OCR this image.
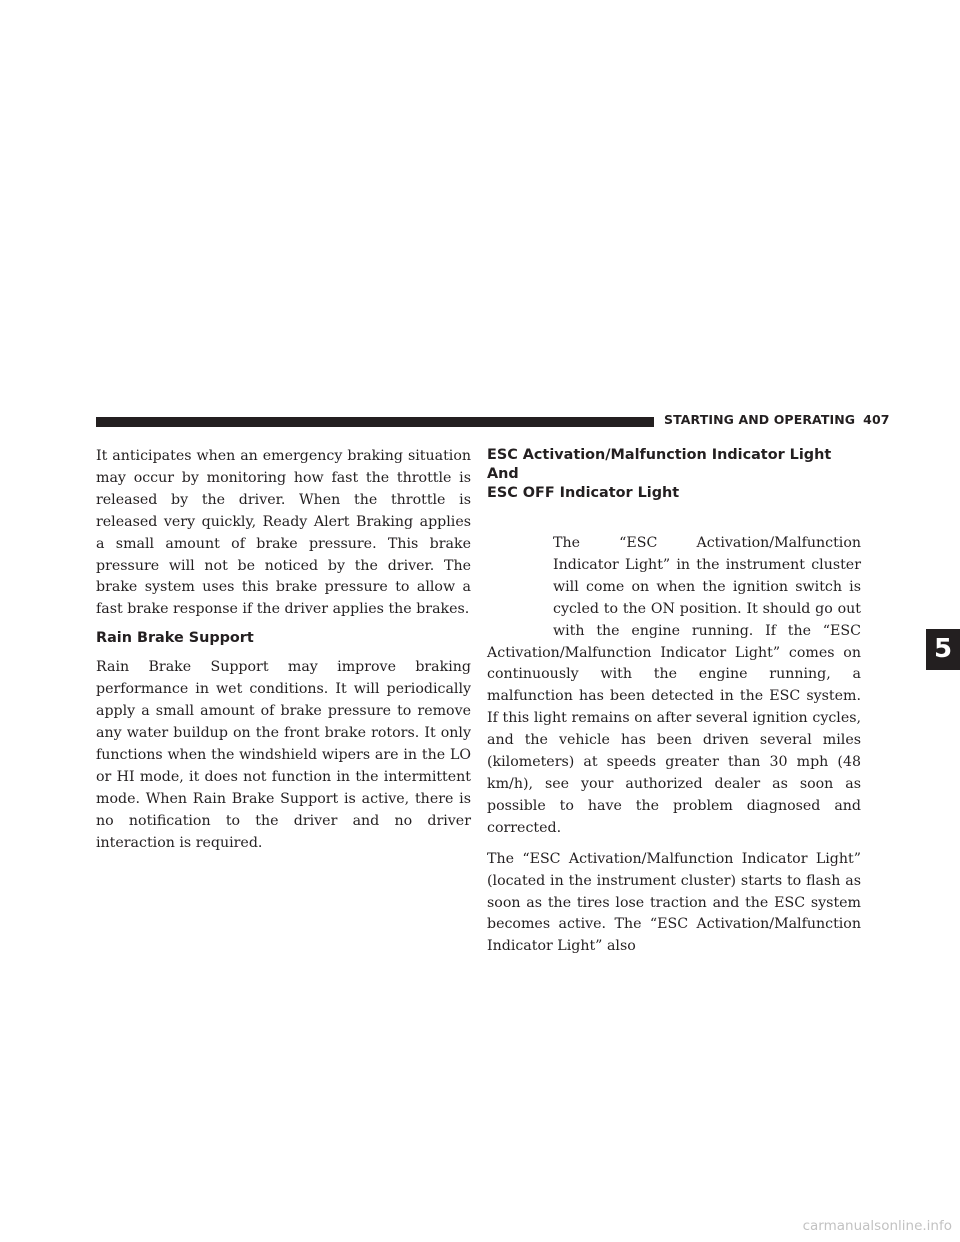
STARTING AND OPERATING 407

It anticipates when an emergency braking situation may occur by monitoring how fast the throttle is released by the driver. When the throttle is released very quickly, Ready Alert Braking applies a small amount of brake pressure. This brake pressure will not be noticed by the driver. The brake system uses this brake pressure to allow a fast brake response if the driver applies the brakes.

Rain Brake Support

Rain Brake Support may improve braking performance in wet conditions. It will periodically apply a small amount of brake pressure to remove any water buildup on the front brake rotors. It only functions when the windshield wipers are in the LO or HI mode, it does not function in the intermittent mode. When Rain Brake Support is active, there is no notification to the driver and no driver interaction is required.

ESC Activation/Malfunction Indicator Light And
ESC OFF Indicator Light

The “ESC Activation/Malfunction Indicator Light” in the instrument cluster will come on when the ignition switch is cycled to the ON position. It should go out with the engine running. If the “ESC Activation/Malfunction Indicator Light” comes on continuously with the engine running, a malfunction has been detected in the ESC system. If this light remains on after several ignition cycles, and the vehicle has been driven several miles (kilometers) at speeds greater than 30 mph (48 km/h), see your authorized dealer as soon as possible to have the problem diagnosed and corrected.

The “ESC Activation/Malfunction Indicator Light” (located in the instrument cluster) starts to flash as soon as the tires lose traction and the ESC system becomes active. The “ESC Activation/Malfunction Indicator Light” also

5
carmanualsonline.info
